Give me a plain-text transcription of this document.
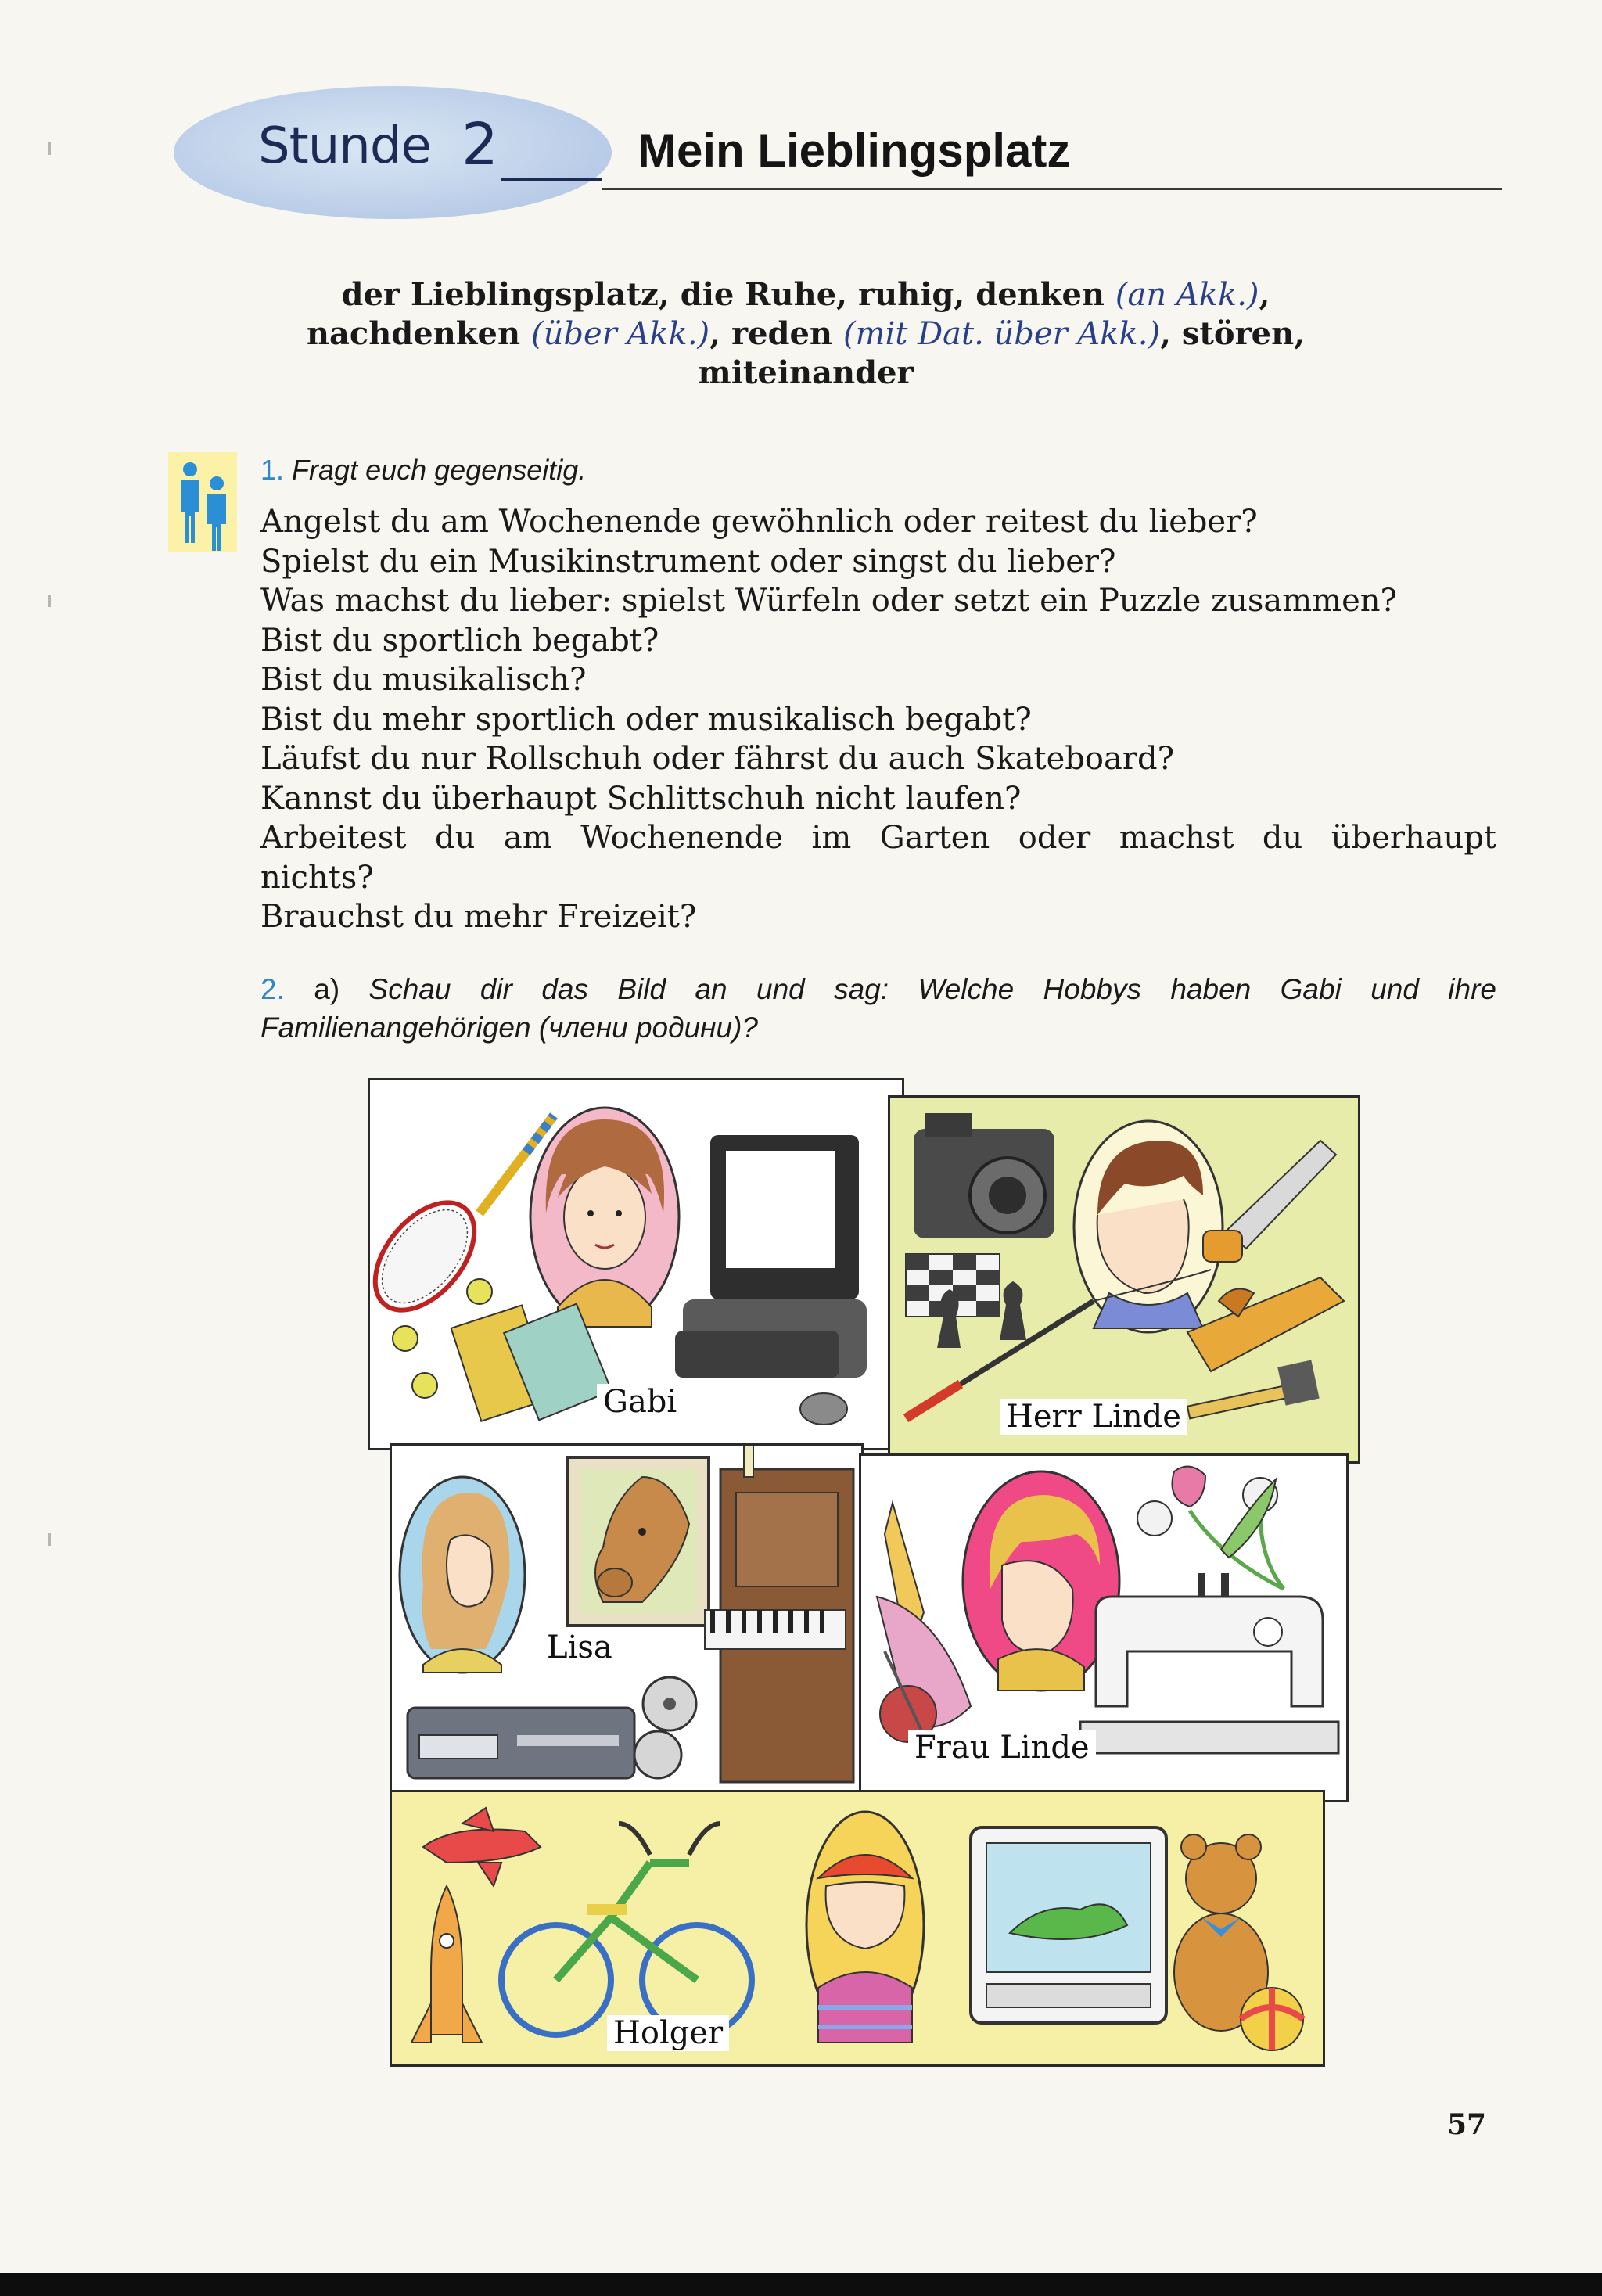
Stunde 2	Mein Lieblingsplatz
der Lieblingsplatz, die Ruhe, ruhig, denken (an Akk.),
nachdenken (über Akk.), reden (mit Dat. über Akk.), stören,
miteinander
1. Fragt euch gegenseitig.
Angelst du am Wochenende gewöhnlich oder reitest du lieber?
Spielst du ein Musikinstrument oder singst du lieber?
Was machst du lieber: spielst Würfeln oder setzt ein Puzzle zusammen?
Bist du sportlich begabt?
Bist du musikalisch?
Bist du mehr sportlich oder musikalisch begabt?
Läufst du nur Rollschuh oder fährst du auch Skateboard?
Kannst du überhaupt Schlittschuh nicht laufen?
Arbeitest du am Wochenende im Garten oder machst du überhaupt
nichts?
Brauchst du mehr Freizeit?
2. a) Schau dir das Bild an und sag: Welche Hobbys haben Gabi und ihre
Familienangehörigen (члени родини)?
Gabi	Herr Linde
Lisa
Frau Linde
Holger
57
